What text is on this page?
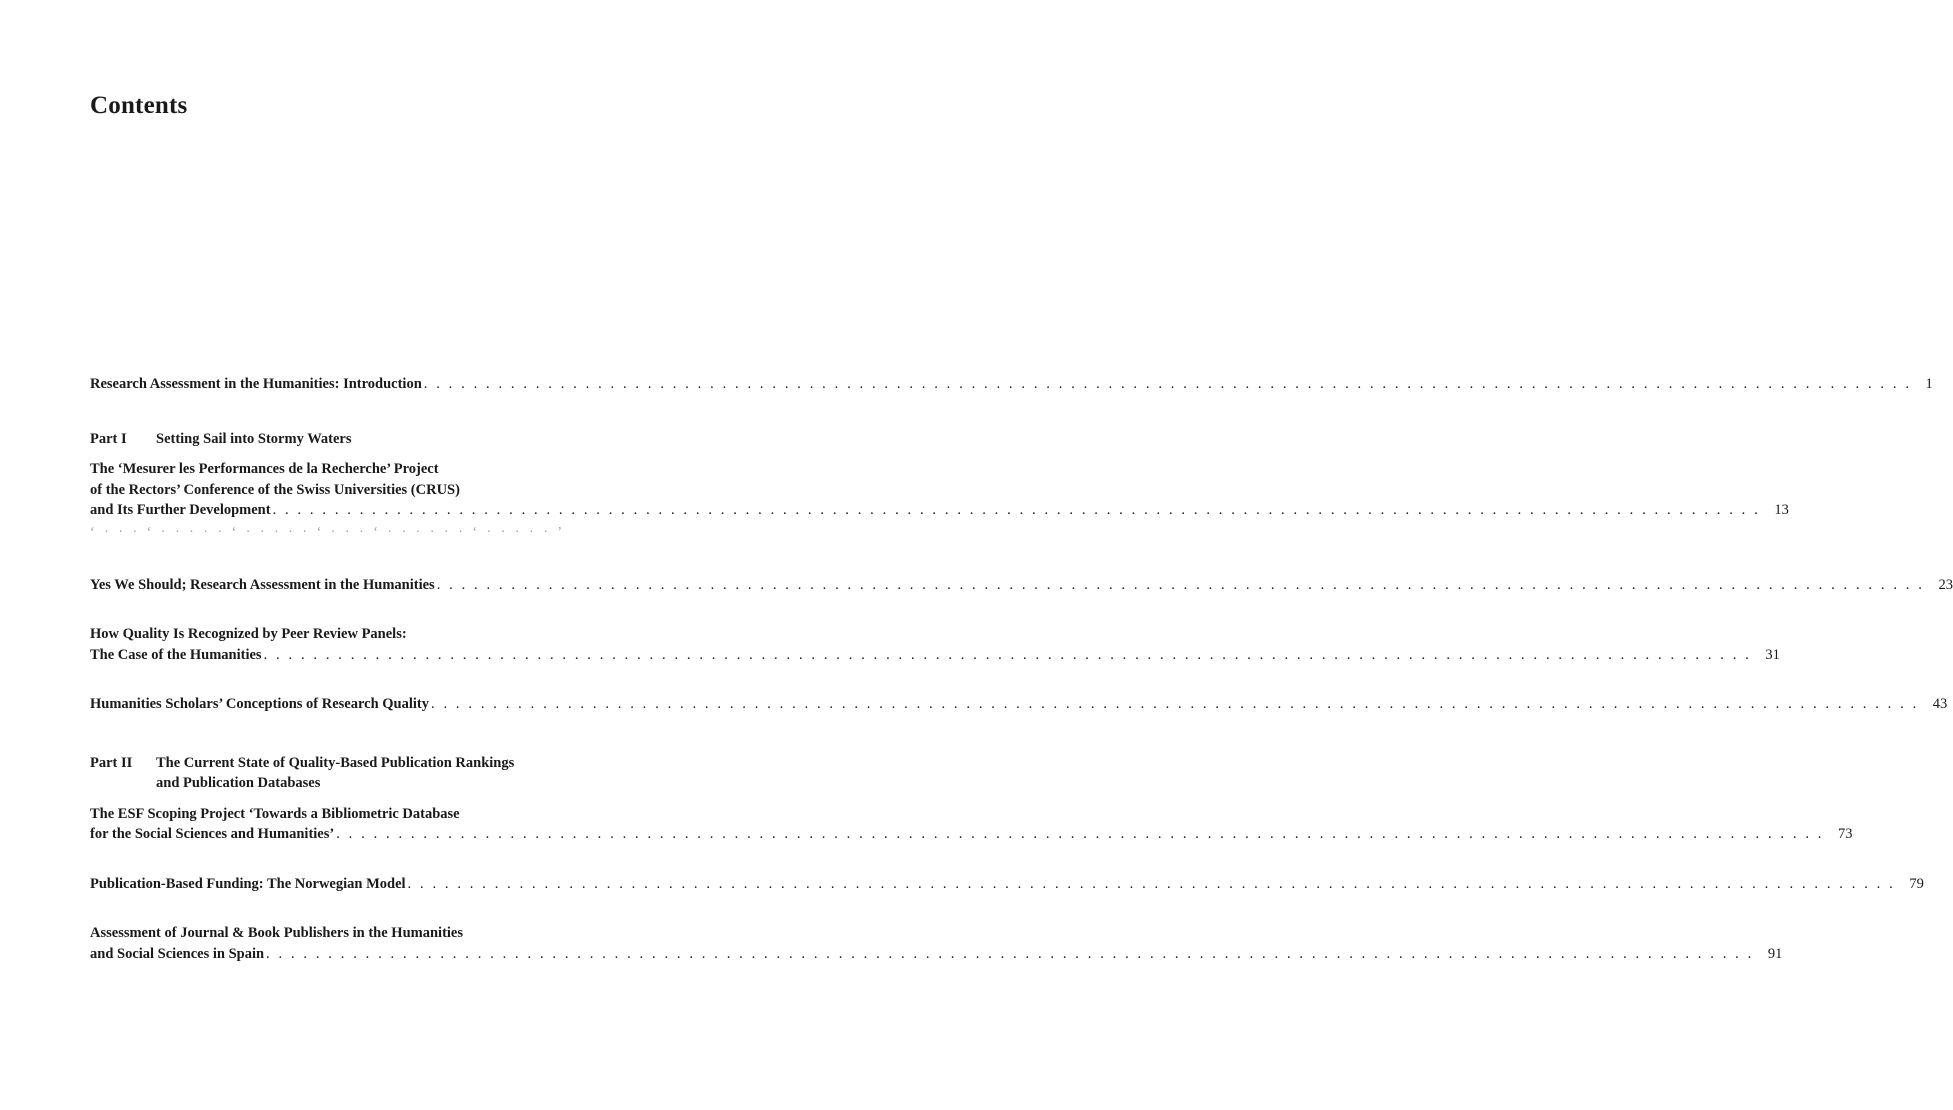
Contents
‘ · · · ‘ · · · · · ‘ · · · · · ‘ · · · ‘ · · · · · · ‘ · · · · · ’
Research Assessment in the Humanities: Introduction . . . . . . . . . . . . . . . . . . . . . . . . . . . . . . . . . . . . . . . . . . . . . . . . . . . . . . . . . . . . . . . . . . . . . . . . . . . . . . . . . . . . . . . . . . . . . . . . . . . . . . . . . . . . . . . . . . . . . . . . 1
Part I	Setting Sail into Stormy Waters
The ‘Mesurer les Performances de la Recherche’ Project
of the Rectors’ Conference of the Swiss Universities (CRUS)
and Its Further Development . . . . . . . . . . . . . . . . . . . . . . . . . . . . . . . . . . . . . . . . . . . . . . . . . . . . . . . . . . . . . . . . . . . . . . . . . . . . . . . . . . . . . . . . . . . . . . . . . . . . . . . . . . . . . . . . . . . . . . . . 13
Yes We Should; Research Assessment in the Humanities . . . . . . . . . . . . . . . . . . . . . . . . . . . . . . . . . . . . . . . . . . . . . . . . . . . . . . . . . . . . . . . . . . . . . . . . . . . . . . . . . . . . . . . . . . . . . . . . . . . . . . . . . . . . . . . . . . . . . . . . 23
How Quality Is Recognized by Peer Review Panels:
The Case of the Humanities . . . . . . . . . . . . . . . . . . . . . . . . . . . . . . . . . . . . . . . . . . . . . . . . . . . . . . . . . . . . . . . . . . . . . . . . . . . . . . . . . . . . . . . . . . . . . . . . . . . . . . . . . . . . . . . . . . . . . . . . 31
Humanities Scholars’ Conceptions of Research Quality . . . . . . . . . . . . . . . . . . . . . . . . . . . . . . . . . . . . . . . . . . . . . . . . . . . . . . . . . . . . . . . . . . . . . . . . . . . . . . . . . . . . . . . . . . . . . . . . . . . . . . . . . . . . . . . . . . . . . . . . 43
Part II	The Current State of Quality-Based Publication Rankings
and Publication Databases
The ESF Scoping Project ‘Towards a Bibliometric Database
for the Social Sciences and Humanities’ . . . . . . . . . . . . . . . . . . . . . . . . . . . . . . . . . . . . . . . . . . . . . . . . . . . . . . . . . . . . . . . . . . . . . . . . . . . . . . . . . . . . . . . . . . . . . . . . . . . . . . . . . . . . . . . . . . . . . . . . 73
Publication-Based Funding: The Norwegian Model . . . . . . . . . . . . . . . . . . . . . . . . . . . . . . . . . . . . . . . . . . . . . . . . . . . . . . . . . . . . . . . . . . . . . . . . . . . . . . . . . . . . . . . . . . . . . . . . . . . . . . . . . . . . . . . . . . . . . . . . 79
Assessment of Journal & Book Publishers in the Humanities
and Social Sciences in Spain . . . . . . . . . . . . . . . . . . . . . . . . . . . . . . . . . . . . . . . . . . . . . . . . . . . . . . . . . . . . . . . . . . . . . . . . . . . . . . . . . . . . . . . . . . . . . . . . . . . . . . . . . . . . . . . . . . . . . . . . 91
